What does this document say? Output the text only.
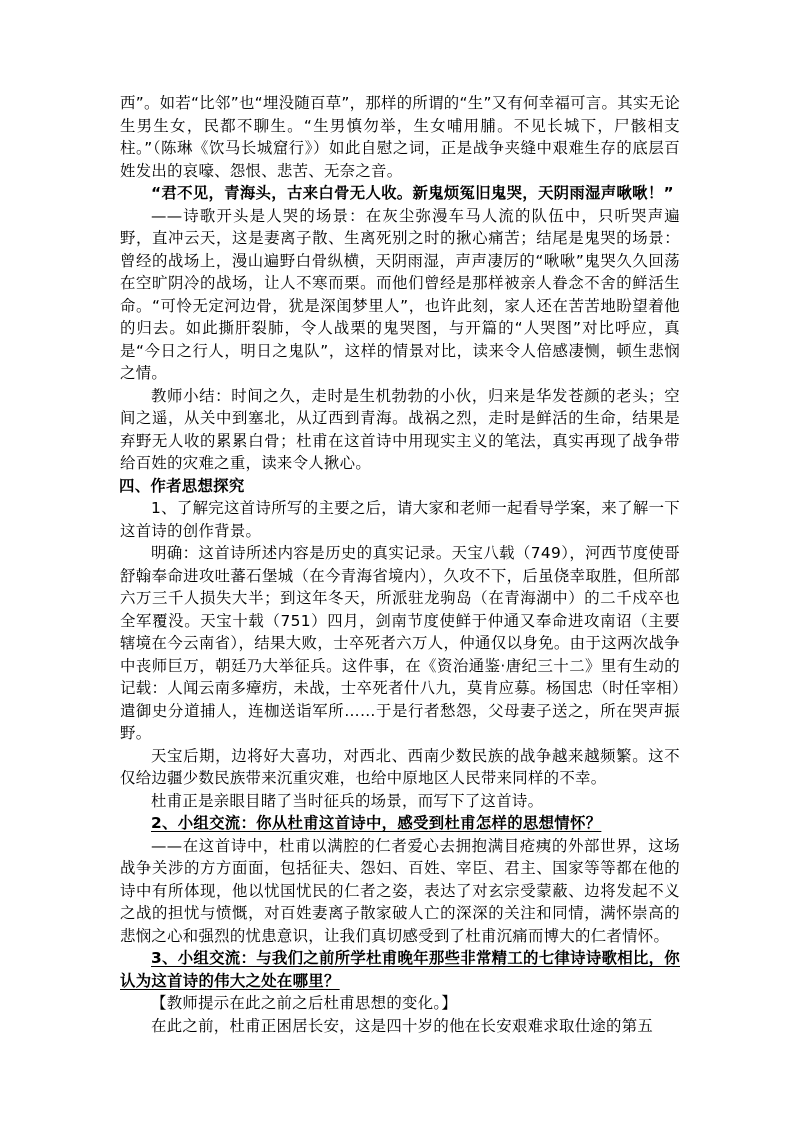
西”。如若“比邻”也“埋没随百草”，那样的所谓的“生”又有何幸福可言。其实无论生男生女，民都不聊生。“生男慎勿举，生女哺用脯。不见长城下，尸骸相支柱。”（陈琳《饮马长城窟行》）如此自慰之词，正是战争夹缝中艰难生存的底层百姓发出的哀嚎、怨恨、悲苦、无奈之音。

“君不见，青海头，古来白骨无人收。新鬼烦冤旧鬼哭，天阴雨湿声啾啾！”

——诗歌开头是人哭的场景：在灰尘弥漫车马人流的队伍中，只听哭声遍野，直冲云天，这是妻离子散、生离死别之时的揪心痛苦；结尾是鬼哭的场景：曾经的战场上，漫山遍野白骨纵横，天阴雨湿，声声凄厉的“啾啾”鬼哭久久回荡在空旷阴冷的战场，让人不寒而栗。而他们曾经是那样被亲人眷念不舍的鲜活生命。“可怜无定河边骨，犹是深闺梦里人”，也许此刻，家人还在苦苦地盼望着他的归去。如此撕肝裂肺，令人战栗的鬼哭图，与开篇的“人哭图”对比呼应，真是“今日之行人，明日之鬼队”，这样的情景对比，读来令人倍感凄恻，顿生悲悯之情。

教师小结：时间之久，走时是生机勃勃的小伙，归来是华发苍颜的老头；空间之遥，从关中到塞北，从辽西到青海。战祸之烈，走时是鲜活的生命，结果是弃野无人收的累累白骨；杜甫在这首诗中用现实主义的笔法，真实再现了战争带给百姓的灾难之重，读来令人揪心。

四、作者思想探究

1、了解完这首诗所写的主要之后，请大家和老师一起看导学案，来了解一下这首诗的创作背景。

明确：这首诗所述内容是历史的真实记录。天宝八载（749），河西节度使哥舒翰奉命进攻吐蕃石堡城（在今青海省境内），久攻不下，后虽侥幸取胜，但所部六万三千人损失大半；到这年冬天，所派驻龙驹岛（在青海湖中）的二千戍卒也全军覆没。天宝十载（751）四月，剑南节度使鲜于仲通又奉命进攻南诏（主要辖境在今云南省），结果大败，士卒死者六万人，仲通仅以身免。由于这两次战争中丧师巨万，朝廷乃大举征兵。这件事，在《资治通鉴·唐纪三十二》里有生动的记载：人闻云南多瘴疠，未战，士卒死者什八九，莫肯应募。杨国忠（时任宰相）遣御史分道捕人，连枷送诣军所……于是行者愁怨，父母妻子送之，所在哭声振野。

天宝后期，边将好大喜功，对西北、西南少数民族的战争越来越频繁。这不仅给边疆少数民族带来沉重灾难，也给中原地区人民带来同样的不幸。

杜甫正是亲眼目睹了当时征兵的场景，而写下了这首诗。

2、小组交流：你从杜甫这首诗中，感受到杜甫怎样的思想情怀？

——在这首诗中，杜甫以满腔的仁者爱心去拥抱满目疮痍的外部世界，这场战争关涉的方方面面，包括征夫、怨妇、百姓、宰臣、君主、国家等等都在他的诗中有所体现，他以忧国忧民的仁者之姿，表达了对玄宗受蒙蔽、边将发起不义之战的担忧与愤慨，对百姓妻离子散家破人亡的深深的关注和同情，满怀崇高的悲悯之心和强烈的忧患意识，让我们真切感受到了杜甫沉痛而博大的仁者情怀。

3、小组交流：与我们之前所学杜甫晚年那些非常精工的七律诗诗歌相比，你认为这首诗的伟大之处在哪里？

【教师提示在此之前之后杜甫思想的变化。】

在此之前，杜甫正困居长安，这是四十岁的他在长安艰难求取仕途的第五
